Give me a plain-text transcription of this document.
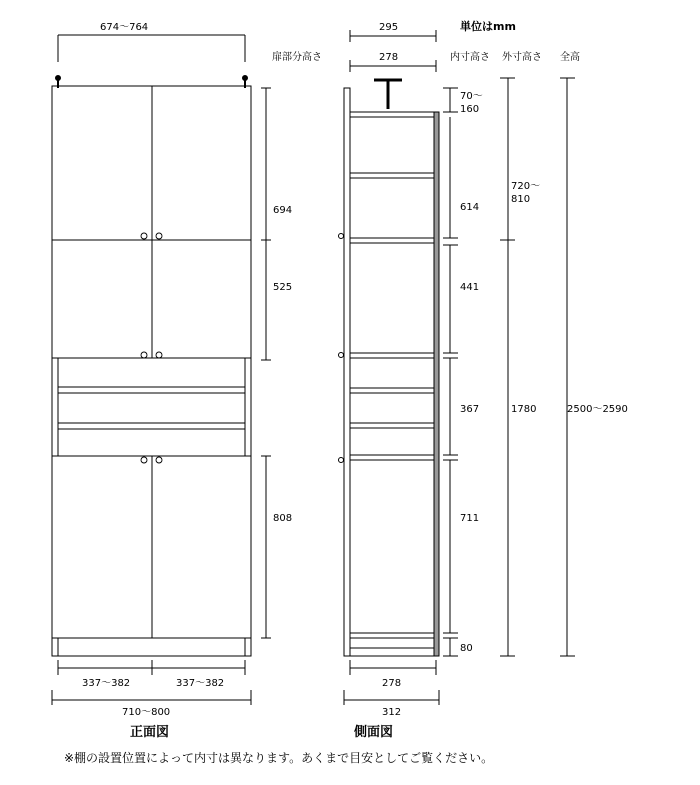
674～764
扉部分高さ
694
525
808
337～382	337～382
710～800
正面図
295	単位はmm
278	内寸高さ 外寸高さ 全高
70～ 160
614
441
367
711
80
720～ 810
1780	2500～2590
278
312
側面図
※棚の設置位置によって内寸は異なります。あくまで目安としてご覧ください。
